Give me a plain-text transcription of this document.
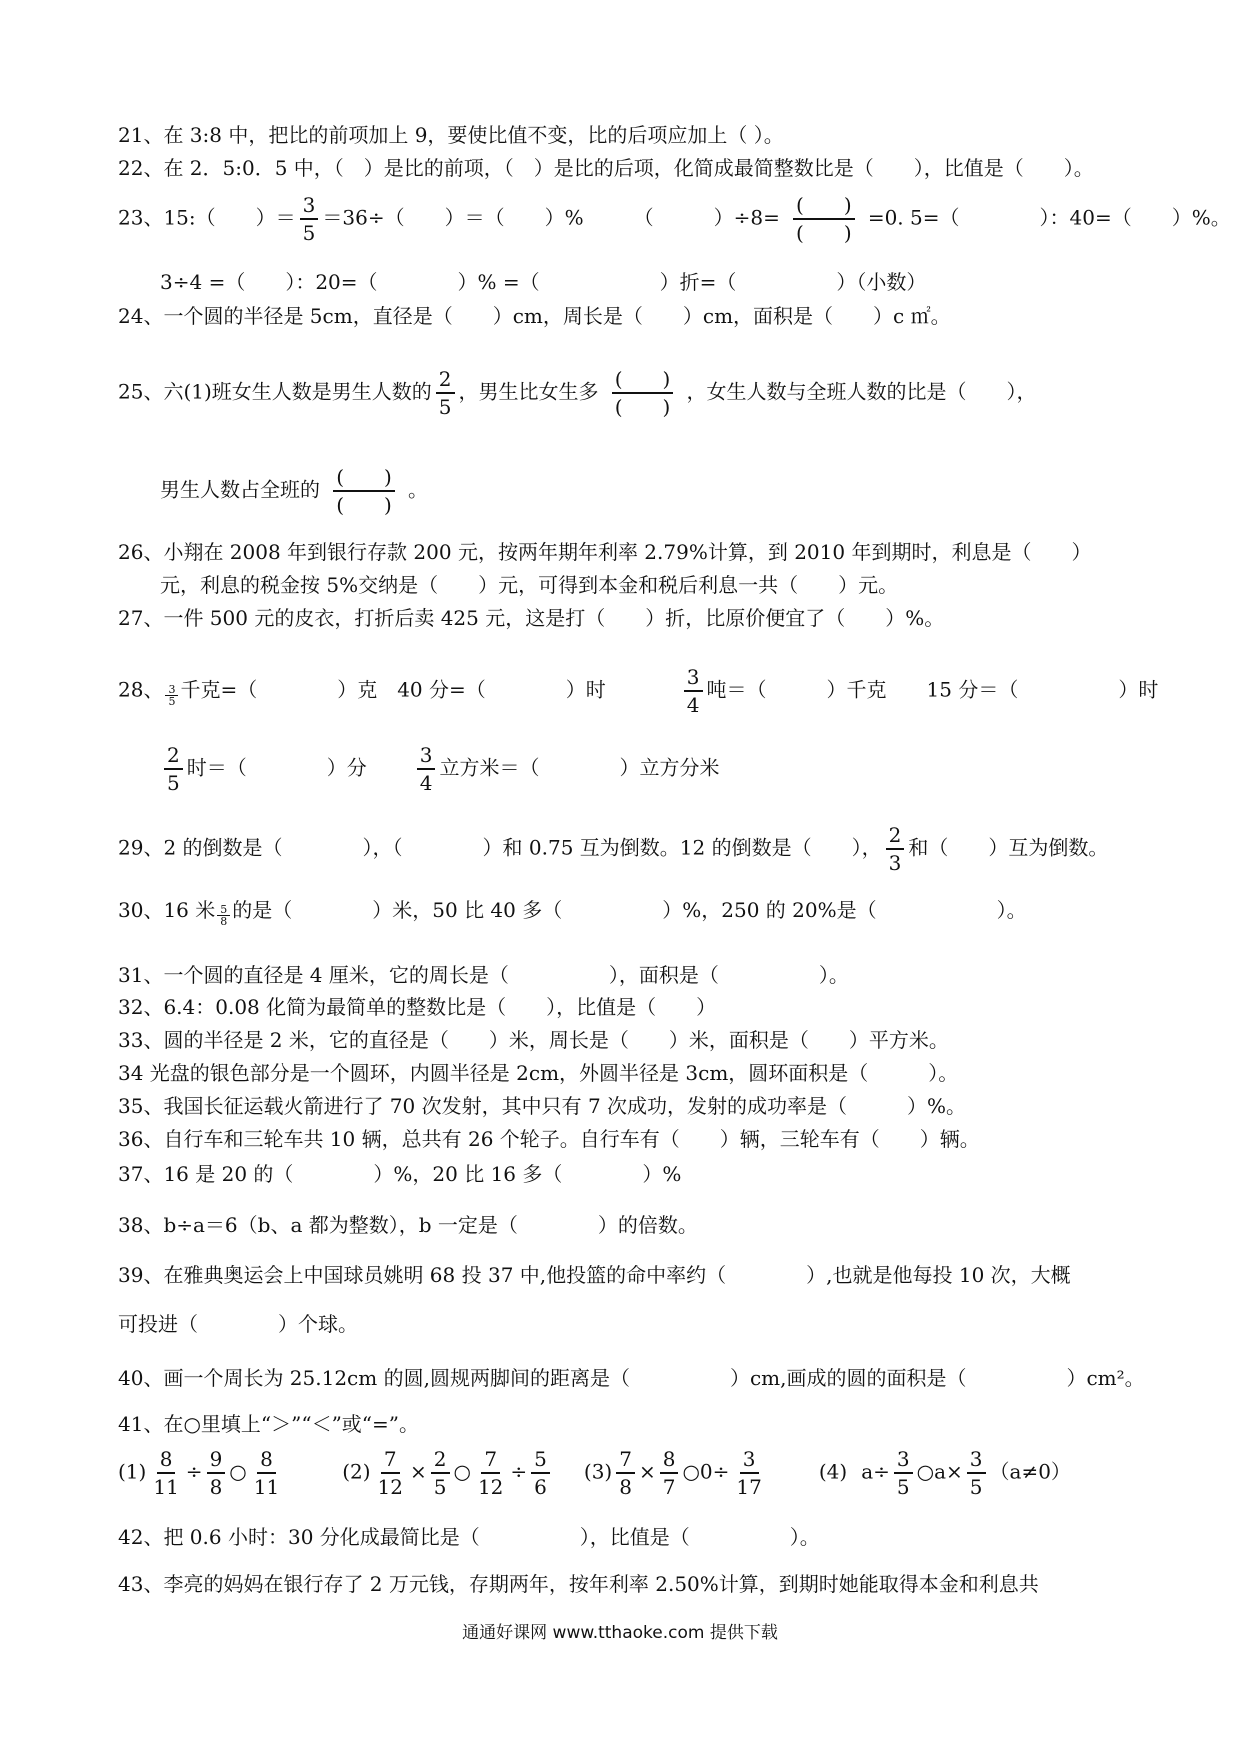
21、在 3:8 中，把比的前项加上 9，要使比值不变，比的后项应加上（ ）。
22、在 2．5:0．5 中，（　）是比的前项，（　）是比的后项，化简成最简整数比是（　　），比值是（　　）。
23、15:（　　）＝ $\frac{3}{5} =36\div$（　　）＝（　　）%　　　（　　　）$\div 8= \frac{( )}{( )} =0$. 5=（　　　　）：40=（　　）%。
3÷4 =（　　）：20=（　　　　）% =（　　　　　　）折=（　　　　　）（小数）
24、一个圆的半径是 5cm，直径是（　　）cm，周长是（　　）cm，面积是（　　）c ㎡。
25、六(1)班女生人数是男生人数的 $\frac{2}{5}$ ，男生比女生多 $\frac{( )}{( )}$ ，女生人数与全班人数的比是（　　），
男生人数占全班的 $\frac{( )}{( )}$ 。
26、小翔在 2008 年到银行存款 200 元，按两年期年利率 2.79%计算，到 2010 年到期时，利息是（　　）
元，利息的税金按 5%交纳是（　　）元，可得到本金和税后利息一共（　　）元。
27、一件 500 元的皮衣，打折后卖 425 元，这是打（　　）折，比原价便宜了（　　）%。
28、 $\frac{3}{5}$ 千克=（　　　　）克　40 分=（　　　　）时	$\frac{3}{4}$ 吨＝（　　　）千克　　15 分＝（　　　　　）时
$\frac{2}{5}$ 时＝（　　　　）分	$\frac{3}{4}$ 立方米＝（　　　　）立方分米
29、2 的倒数是（　　　　），（　　　　）和 0.75 互为倒数。12 的倒数是（　　）， $\frac{2}{3}$ 和（　　）互为倒数。
30、16 米 $\frac{5}{8}$ 的是（　　　　）米，50 比 40 多（　　　　　）%，250 的 20%是（　　　　　　）。
31、一个圆的直径是 4 厘米，它的周长是（　　　　　），面积是（　　　　　）。
32、6.4：0.08 化简为最简单的整数比是（　　），比值是（　　）
33、圆的半径是 2 米，它的直径是（　　）米，周长是（　　）米，面积是（　　）平方米。
34 光盘的银色部分是一个圆环，内圆半径是 2cm，外圆半径是 3cm，圆环面积是（　　　）。
35、我国长征运载火箭进行了 70 次发射，其中只有 7 次成功，发射的成功率是（　　　）%。
36、自行车和三轮车共 10 辆，总共有 26 个轮子。自行车有（　　）辆，三轮车有（　　）辆。
37、16 是 20 的（　　　　）%，20 比 16 多（　　　　）%
38、b÷a＝6（b、a 都为整数），b 一定是（　　　　）的倍数。
39、在雅典奥运会上中国球员姚明 68 投 37 中,他投篮的命中率约（　　　　）,也就是他每投 10 次，大概
可投进（　　　　）个球。
40、画一个周长为 25.12cm 的圆,圆规两脚间的距离是（　　　　　）cm,画成的圆的面积是（　　　　　）cm²。
41、在○里填上“＞”“＜”或“=”。
$(1) \frac{8}{11} \div \frac{9}{8}$ ○ $\frac{8}{11}$	$(2) \frac{7}{12} \times \frac{2}{5}$ ○ $\frac{7}{12} \div \frac{5}{6} (3) \frac{7}{8} \times \frac{8}{7}$ ○0÷ $\frac{3}{17}$	(4) $a\div \frac{3}{5}$ ○a× $\frac{3}{5} (a\ne 0)$
42、把 0.6 小时：30 分化成最简比是（　　　　　），比值是（　　　　　）。
43、李亮的妈妈在银行存了 2 万元钱，存期两年，按年利率 2.50%计算，到期时她能取得本金和利息共
通通好课网 www.tthaoke.com 提供下载
